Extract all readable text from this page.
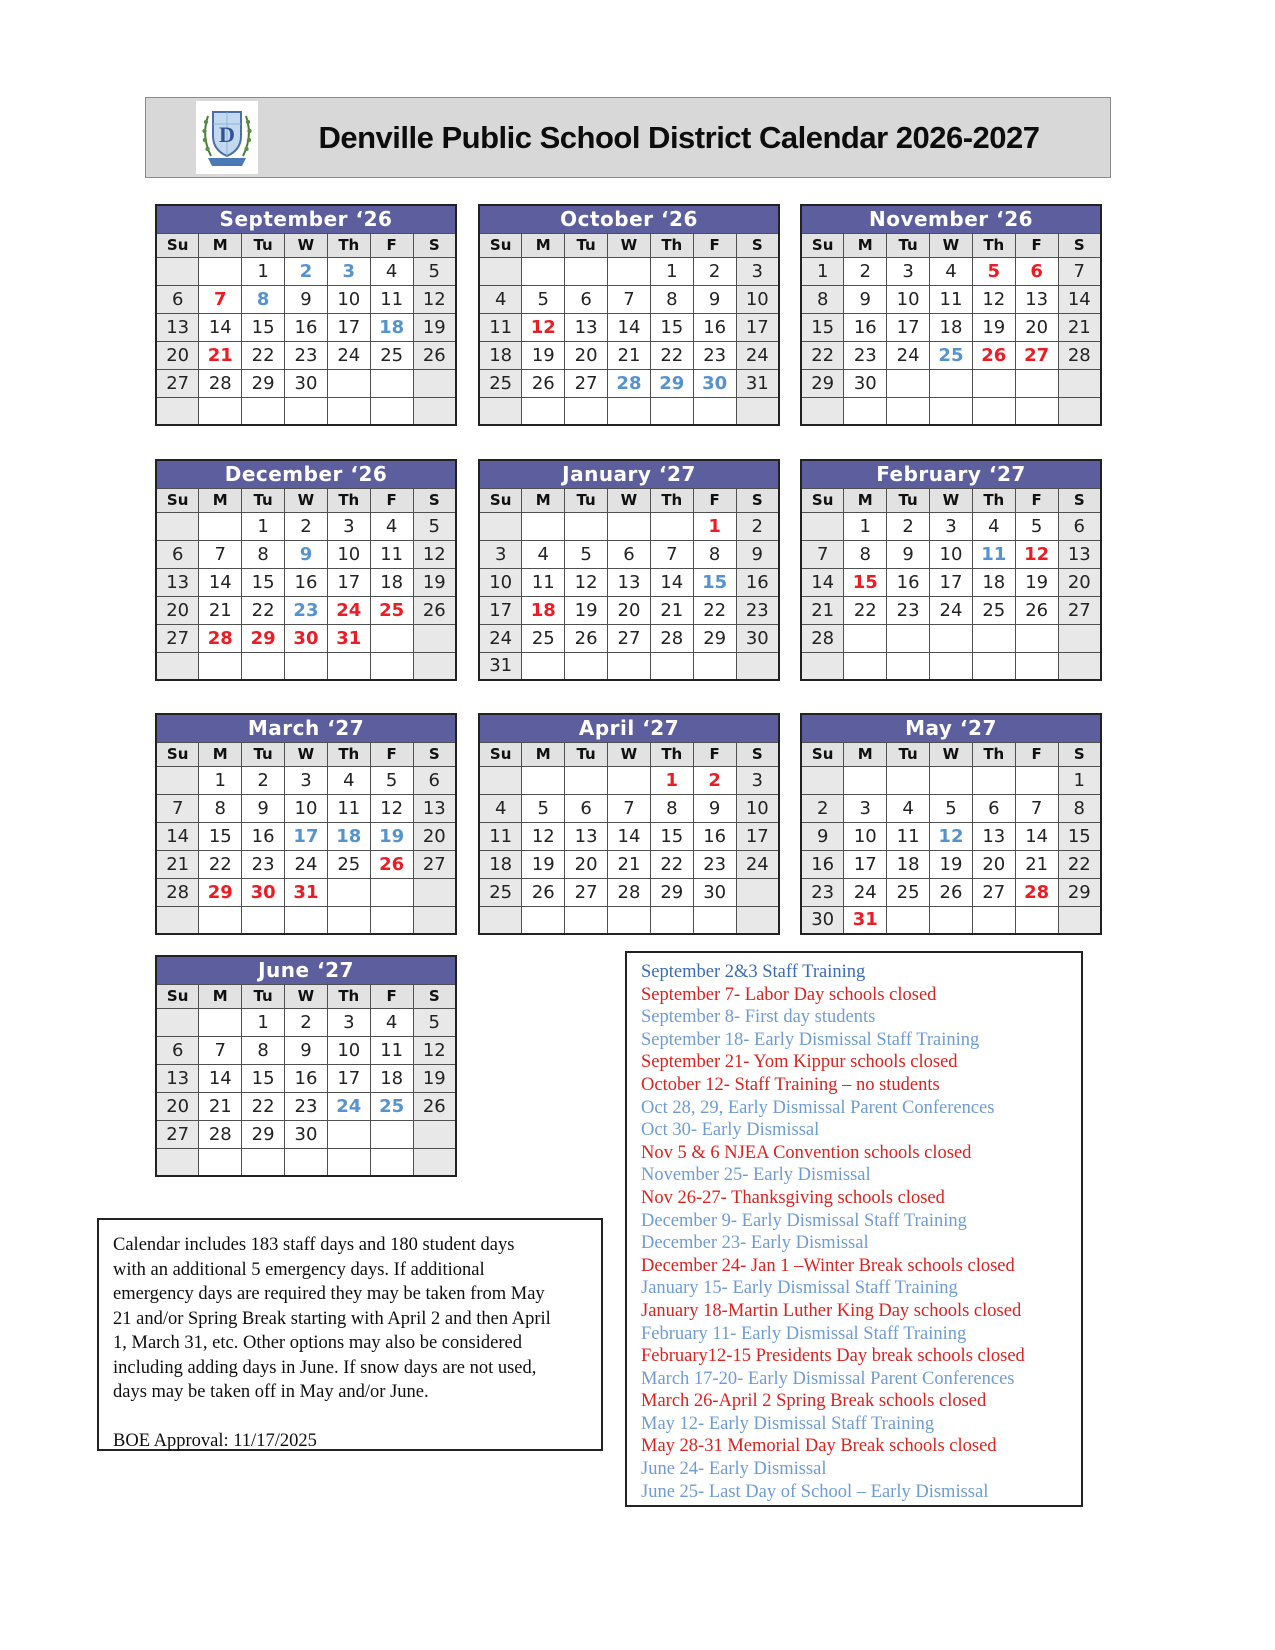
D	Denville Public School District Calendar 2026-2027
September ‘26						
Su	M	Tu	W	Th	F	S
		1	2	3	4	5
6	7	8	9	10	11	12
13	14	15	16	17	18	19
20	21	22	23	24	25	26
27	28	29	30			

October ‘26						
Su	M	Tu	W	Th	F	S
				1	2	3
4	5	6	7	8	9	10
11	12	13	14	15	16	17
18	19	20	21	22	23	24
25	26	27	28	29	30	31

November ‘26						
Su	M	Tu	W	Th	F	S
1	2	3	4	5	6	7
8	9	10	11	12	13	14
15	16	17	18	19	20	21
22	23	24	25	26	27	28
29	30					

December ‘26						
Su	M	Tu	W	Th	F	S
		1	2	3	4	5
6	7	8	9	10	11	12
13	14	15	16	17	18	19
20	21	22	23	24	25	26
27	28	29	30	31		

January ‘27						
Su	M	Tu	W	Th	F	S
					1	2
3	4	5	6	7	8	9
10	11	12	13	14	15	16
17	18	19	20	21	22	23
24	25	26	27	28	29	30
31						
February ‘27						
Su	M	Tu	W	Th	F	S
	1	2	3	4	5	6
7	8	9	10	11	12	13
14	15	16	17	18	19	20
21	22	23	24	25	26	27
28						

March ‘27						
Su	M	Tu	W	Th	F	S
	1	2	3	4	5	6
7	8	9	10	11	12	13
14	15	16	17	18	19	20
21	22	23	24	25	26	27
28	29	30	31			

April ‘27						
Su	M	Tu	W	Th	F	S
				1	2	3
4	5	6	7	8	9	10
11	12	13	14	15	16	17
18	19	20	21	22	23	24
25	26	27	28	29	30	

May ‘27						
Su	M	Tu	W	Th	F	S
						1
2	3	4	5	6	7	8
9	10	11	12	13	14	15
16	17	18	19	20	21	22
23	24	25	26	27	28	29
30	31					
June ‘27						
Su	M	Tu	W	Th	F	S
		1	2	3	4	5
6	7	8	9	10	11	12
13	14	15	16	17	18	19
20	21	22	23	24	25	26
27	28	29	30			

September 2&3 Staff Training
September 7- Labor Day schools closed
September 8- First day students
September 18- Early Dismissal Staff Training
September 21- Yom Kippur schools closed
October 12- Staff Training – no students
Oct 28, 29, Early Dismissal Parent Conferences
Oct 30- Early Dismissal
Nov 5 & 6 NJEA Convention schools closed
November 25- Early Dismissal
Nov 26-27- Thanksgiving schools closed
December 9- Early Dismissal Staff Training
December 23- Early Dismissal
December 24- Jan 1 –Winter Break schools closed
January 15- Early Dismissal Staff Training
January 18-Martin Luther King Day schools closed
February 11- Early Dismissal Staff Training
February12-15 Presidents Day break schools closed
March 17-20- Early Dismissal Parent Conferences
March 26-April 2 Spring Break schools closed
May 12- Early Dismissal Staff Training
May 28-31 Memorial Day Break schools closed
June 24- Early Dismissal
June 25- Last Day of School – Early Dismissal
Calendar includes 183 staff days and 180 student days
with an additional 5 emergency days. If additional
emergency days are required they may be taken from May
21 and/or Spring Break starting with April 2 and then April
1, March 31, etc. Other options may also be considered
including adding days in June. If snow days are not used,
days may be taken off in May and/or June.
BOE Approval: 11/17/2025
